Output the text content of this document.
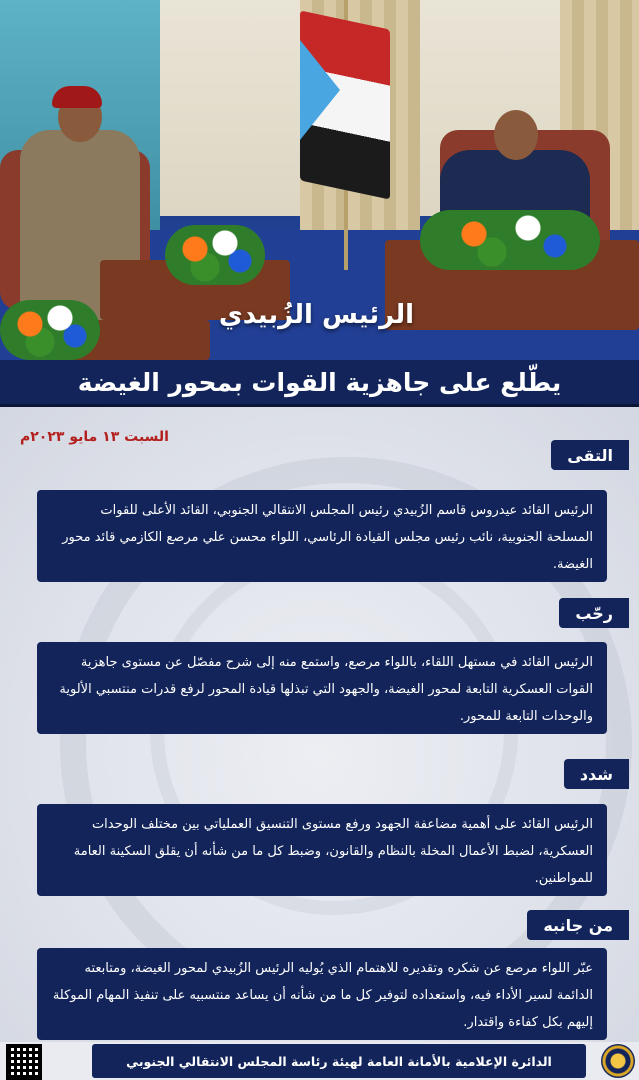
الرئيس الزُبيدي
يطّلع على جاهزية القوات بمحور الغيضة

السبت ١٣ مايو ٢٠٢٣م

التقى

الرئيس القائد عيدروس قاسم الزُبيدي رئيس المجلس الانتقالي الجنوبي، القائد الأعلى للقوات المسلحة الجنوبية، نائب رئيس مجلس القيادة الرئاسي، اللواء محسن علي مرصع الكازمي قائد محور الغيضة.

رحّب

الرئيس القائد في مستهل اللقاء، باللواء مرصع، واستمع منه إلى شرح مفصّل عن مستوى جاهزية القوات العسكرية التابعة لمحور الغيضة، والجهود التي تبذلها قيادة المحور لرفع قدرات منتسبي الألوية والوحدات التابعة للمحور.

شدد

الرئيس القائد على أهمية مضاعفة الجهود ورفع مستوى التنسيق العملياتي بين مختلف الوحدات العسكرية، لضبط الأعمال المخلة بالنظام والقانون، وضبط كل ما من شأنه أن يقلق السكينة العامة للمواطنين.

من جانبه

عبّر اللواء مرصع عن شكره وتقديره للاهتمام الذي يُوليه الرئيس الزُبيدي لمحور الغيضة، ومتابعته الدائمة لسير الأداء فيه، واستعداده لتوفير كل ما من شأنه أن يساعد منتسبيه على تنفيذ المهام الموكلة إليهم بكل كفاءة واقتدار.

الدائرة الإعلامية بالأمانة العامة لهيئة رئاسة المجلس الانتقالي الجنوبي
